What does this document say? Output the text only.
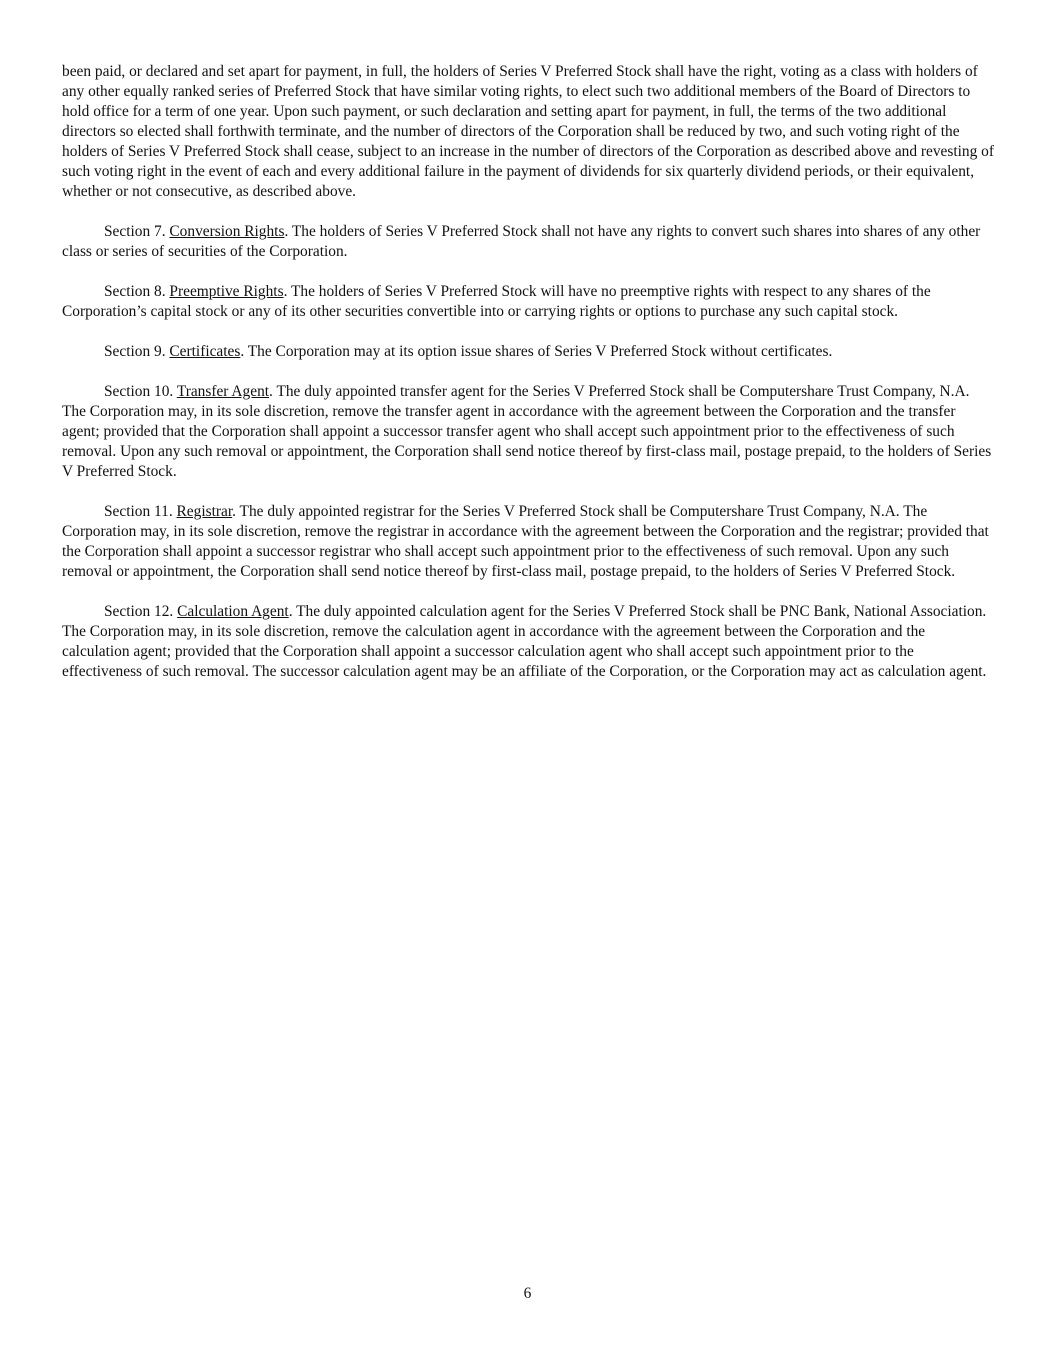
been paid, or declared and set apart for payment, in full, the holders of Series V Preferred Stock shall have the right, voting as a class with holders of any other equally ranked series of Preferred Stock that have similar voting rights, to elect such two additional members of the Board of Directors to hold office for a term of one year. Upon such payment, or such declaration and setting apart for payment, in full, the terms of the two additional directors so elected shall forthwith terminate, and the number of directors of the Corporation shall be reduced by two, and such voting right of the holders of Series V Preferred Stock shall cease, subject to an increase in the number of directors of the Corporation as described above and revesting of such voting right in the event of each and every additional failure in the payment of dividends for six quarterly dividend periods, or their equivalent, whether or not consecutive, as described above.

Section 7. Conversion Rights. The holders of Series V Preferred Stock shall not have any rights to convert such shares into shares of any other class or series of securities of the Corporation.

Section 8. Preemptive Rights. The holders of Series V Preferred Stock will have no preemptive rights with respect to any shares of the Corporation’s capital stock or any of its other securities convertible into or carrying rights or options to purchase any such capital stock.

Section 9. Certificates. The Corporation may at its option issue shares of Series V Preferred Stock without certificates.

Section 10. Transfer Agent. The duly appointed transfer agent for the Series V Preferred Stock shall be Computershare Trust Company, N.A. The Corporation may, in its sole discretion, remove the transfer agent in accordance with the agreement between the Corporation and the transfer agent; provided that the Corporation shall appoint a successor transfer agent who shall accept such appointment prior to the effectiveness of such removal. Upon any such removal or appointment, the Corporation shall send notice thereof by first-class mail, postage prepaid, to the holders of Series V Preferred Stock.

Section 11. Registrar. The duly appointed registrar for the Series V Preferred Stock shall be Computershare Trust Company, N.A. The Corporation may, in its sole discretion, remove the registrar in accordance with the agreement between the Corporation and the registrar; provided that the Corporation shall appoint a successor registrar who shall accept such appointment prior to the effectiveness of such removal. Upon any such removal or appointment, the Corporation shall send notice thereof by first-class mail, postage prepaid, to the holders of Series V Preferred Stock.

Section 12. Calculation Agent. The duly appointed calculation agent for the Series V Preferred Stock shall be PNC Bank, National Association. The Corporation may, in its sole discretion, remove the calculation agent in accordance with the agreement between the Corporation and the calculation agent; provided that the Corporation shall appoint a successor calculation agent who shall accept such appointment prior to the effectiveness of such removal. The successor calculation agent may be an affiliate of the Corporation, or the Corporation may act as calculation agent.

6
